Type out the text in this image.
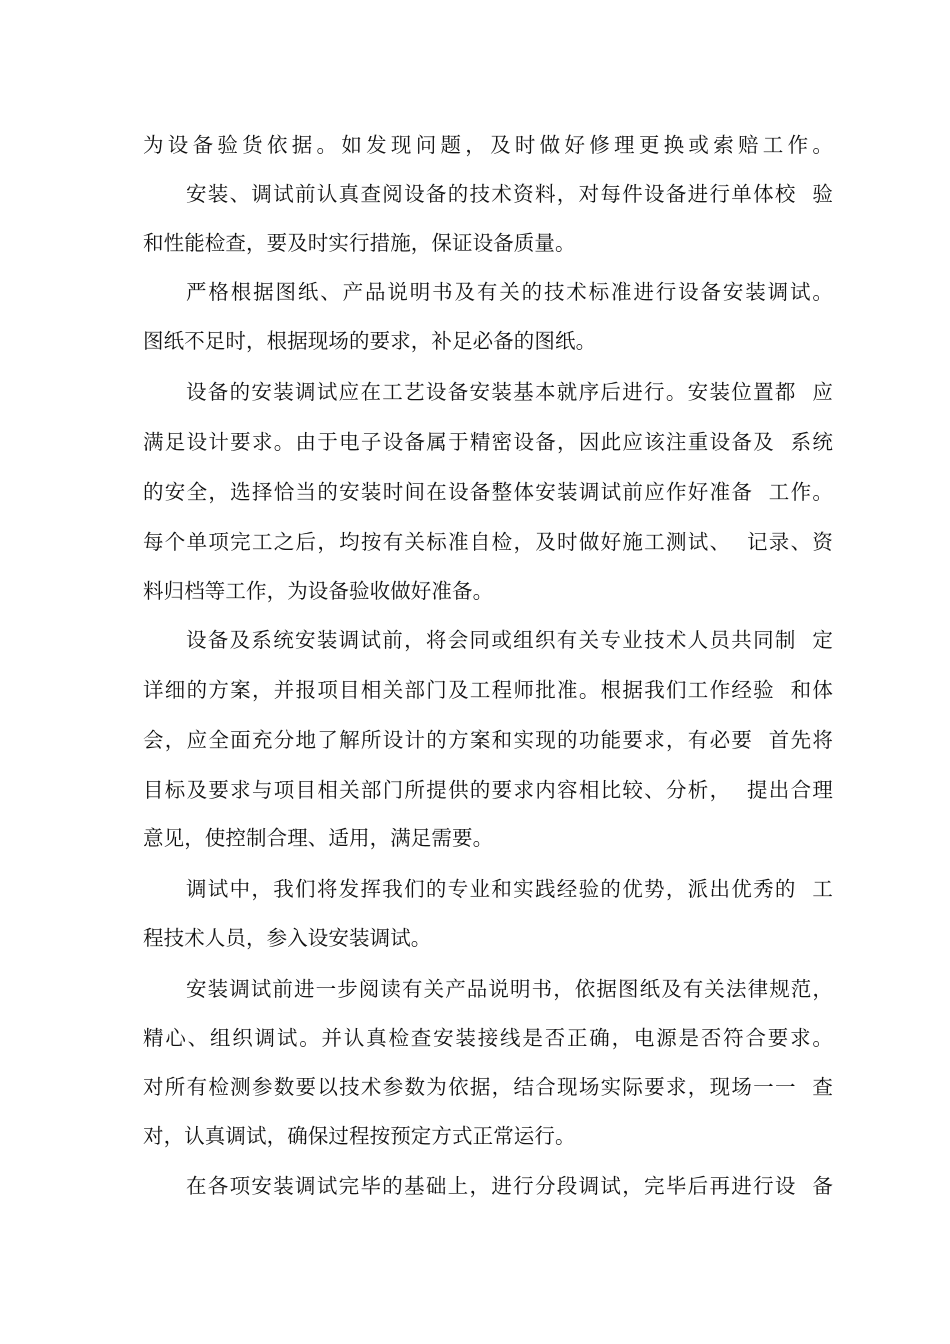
为设备验货依据。如发现问题，及时做好修理更换或索赔工作。
安装、调试前认真查阅设备的技术资料，对每件设备进行单体校  验
和性能检查，要及时实行措施，保证设备质量。
严格根据图纸、产品说明书及有关的技术标准进行设备安装调试。
图纸不足时，根据现场的要求，补足必备的图纸。
设备的安装调试应在工艺设备安装基本就序后进行。安装位置都  应
满足设计要求。由于电子设备属于精密设备，因此应该注重设备及  系统
的安全，选择恰当的安装时间在设备整体安装调试前应作好准备  工作。
每个单项完工之后，均按有关标准自检，及时做好施工测试、  记录、资
料归档等工作，为设备验收做好准备。
设备及系统安装调试前，将会同或组织有关专业技术人员共同制  定
详细的方案，并报项目相关部门及工程师批准。根据我们工作经验  和体
会，应全面充分地了解所设计的方案和实现的功能要求，有必要  首先将
目标及要求与项目相关部门所提供的要求内容相比较、分析，  提出合理
意见，使控制合理、适用，满足需要。
调试中，我们将发挥我们的专业和实践经验的优势，派出优秀的  工
程技术人员，参入设安装调试。
安装调试前进一步阅读有关产品说明书，依据图纸及有关法律规范，
精心、组织调试。并认真检查安装接线是否正确，电源是否符合要求。
对所有检测参数要以技术参数为依据，结合现场实际要求，现场一一  查
对，认真调试，确保过程按预定方式正常运行。
在各项安装调试完毕的基础上，进行分段调试，完毕后再进行设  备
